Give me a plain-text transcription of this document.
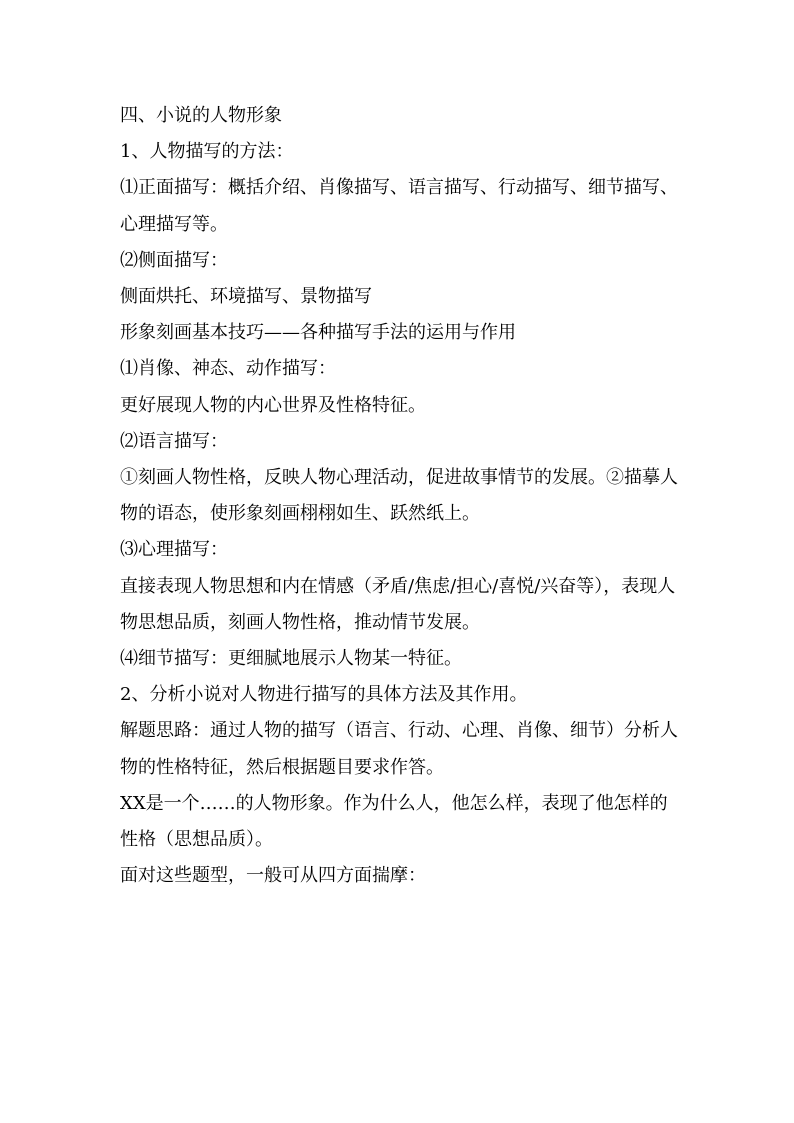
四、小说的人物形象

1、人物描写的方法：

⑴正面描写：概括介绍、肖像描写、语言描写、行动描写、细节描写、心理描写等。

⑵侧面描写：

侧面烘托、环境描写、景物描写

形象刻画基本技巧——各种描写手法的运用与作用

⑴肖像、神态、动作描写：

更好展现人物的内心世界及性格特征。

⑵语言描写：

①刻画人物性格，反映人物心理活动，促进故事情节的发展。②描摹人物的语态，使形象刻画栩栩如生、跃然纸上。

⑶心理描写：

直接表现人物思想和内在情感（矛盾/焦虑/担心/喜悦/兴奋等），表现人物思想品质，刻画人物性格，推动情节发展。

⑷细节描写：更细腻地展示人物某一特征。

2、分析小说对人物进行描写的具体方法及其作用。

解题思路：通过人物的描写（语言、行动、心理、肖像、细节）分析人物的性格特征，然后根据题目要求作答。

XX是一个……的人物形象。作为什么人，他怎么样，表现了他怎样的性格（思想品质）。

面对这些题型，一般可从四方面揣摩：
